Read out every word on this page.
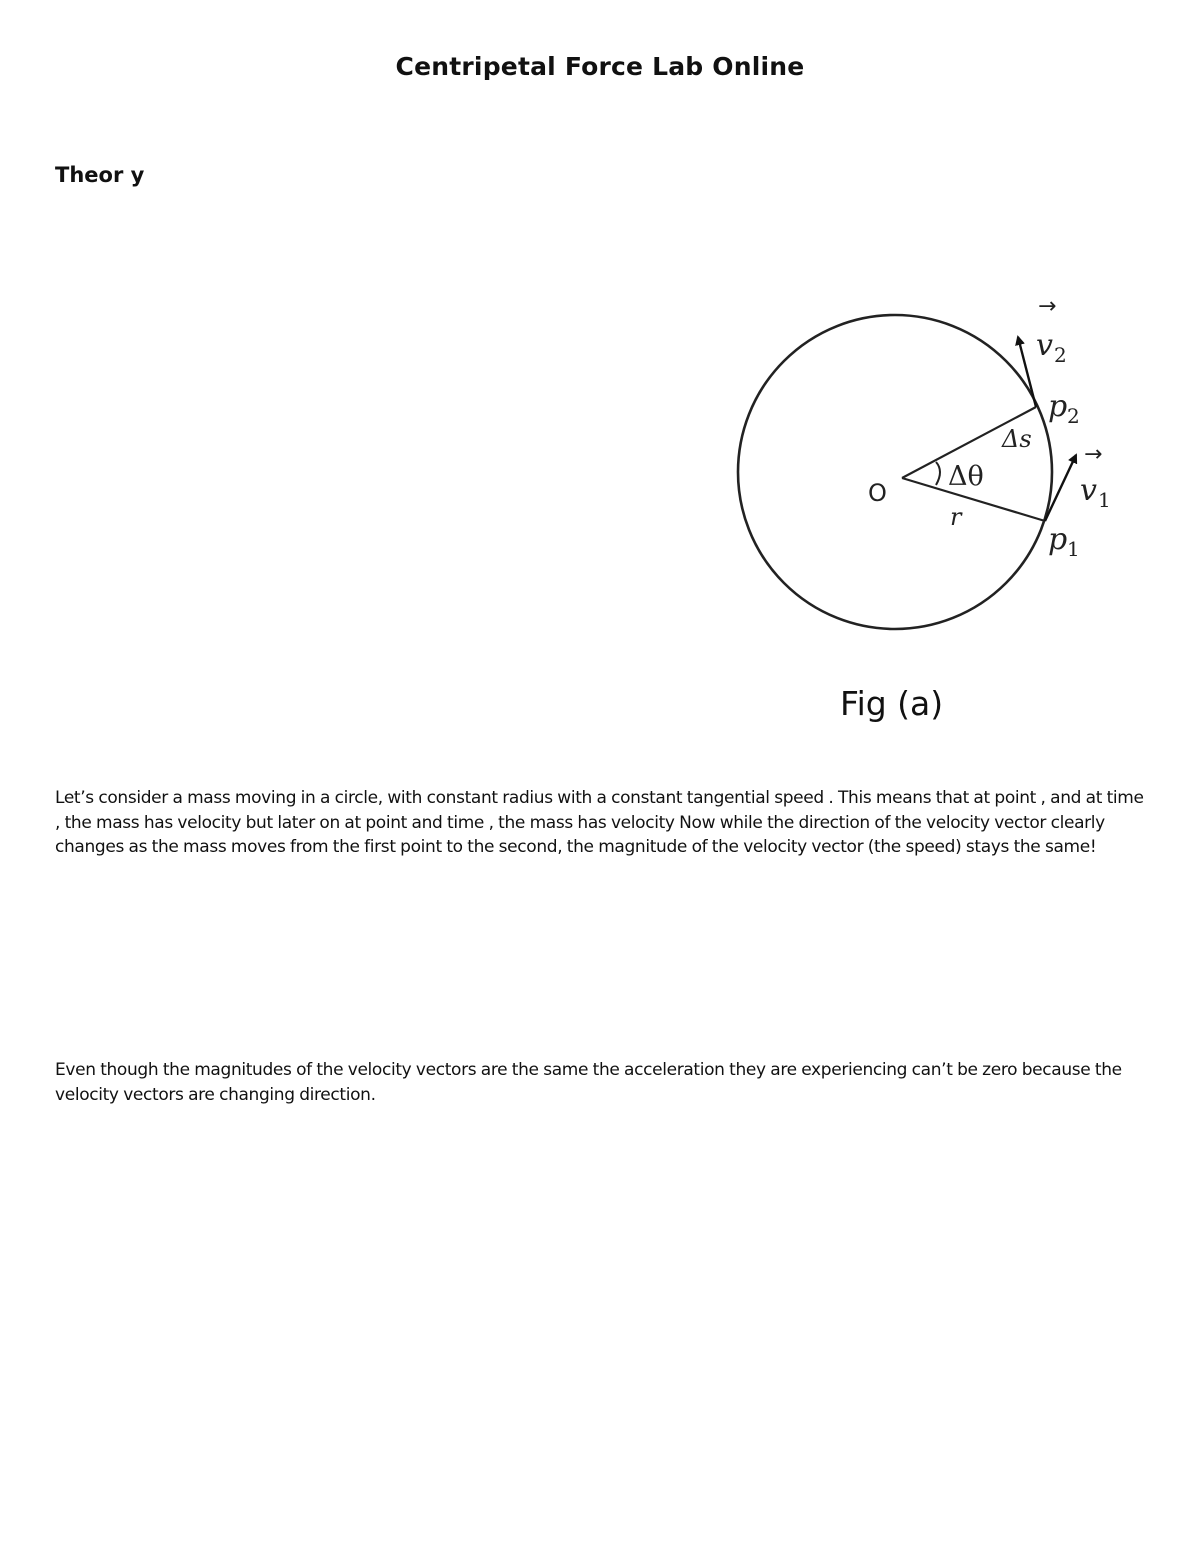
Centripetal Force Lab Online
Theor y
O
Δθ
Δs
r
→
v 2
p 2
→
v 1
p 1
Fig (a)

Let’s consider a mass moving in a circle, with constant radius with a constant tangential speed . This means that at point , and at time , the mass has velocity but later on at point and time , the mass has velocity Now while the direction of the velocity vector clearly changes as the mass moves from the first point to the second, the magnitude of the velocity vector (the speed) stays the same!

Even though the magnitudes of the velocity vectors are the same the acceleration they are experiencing can’t be zero because the velocity vectors are changing direction.
